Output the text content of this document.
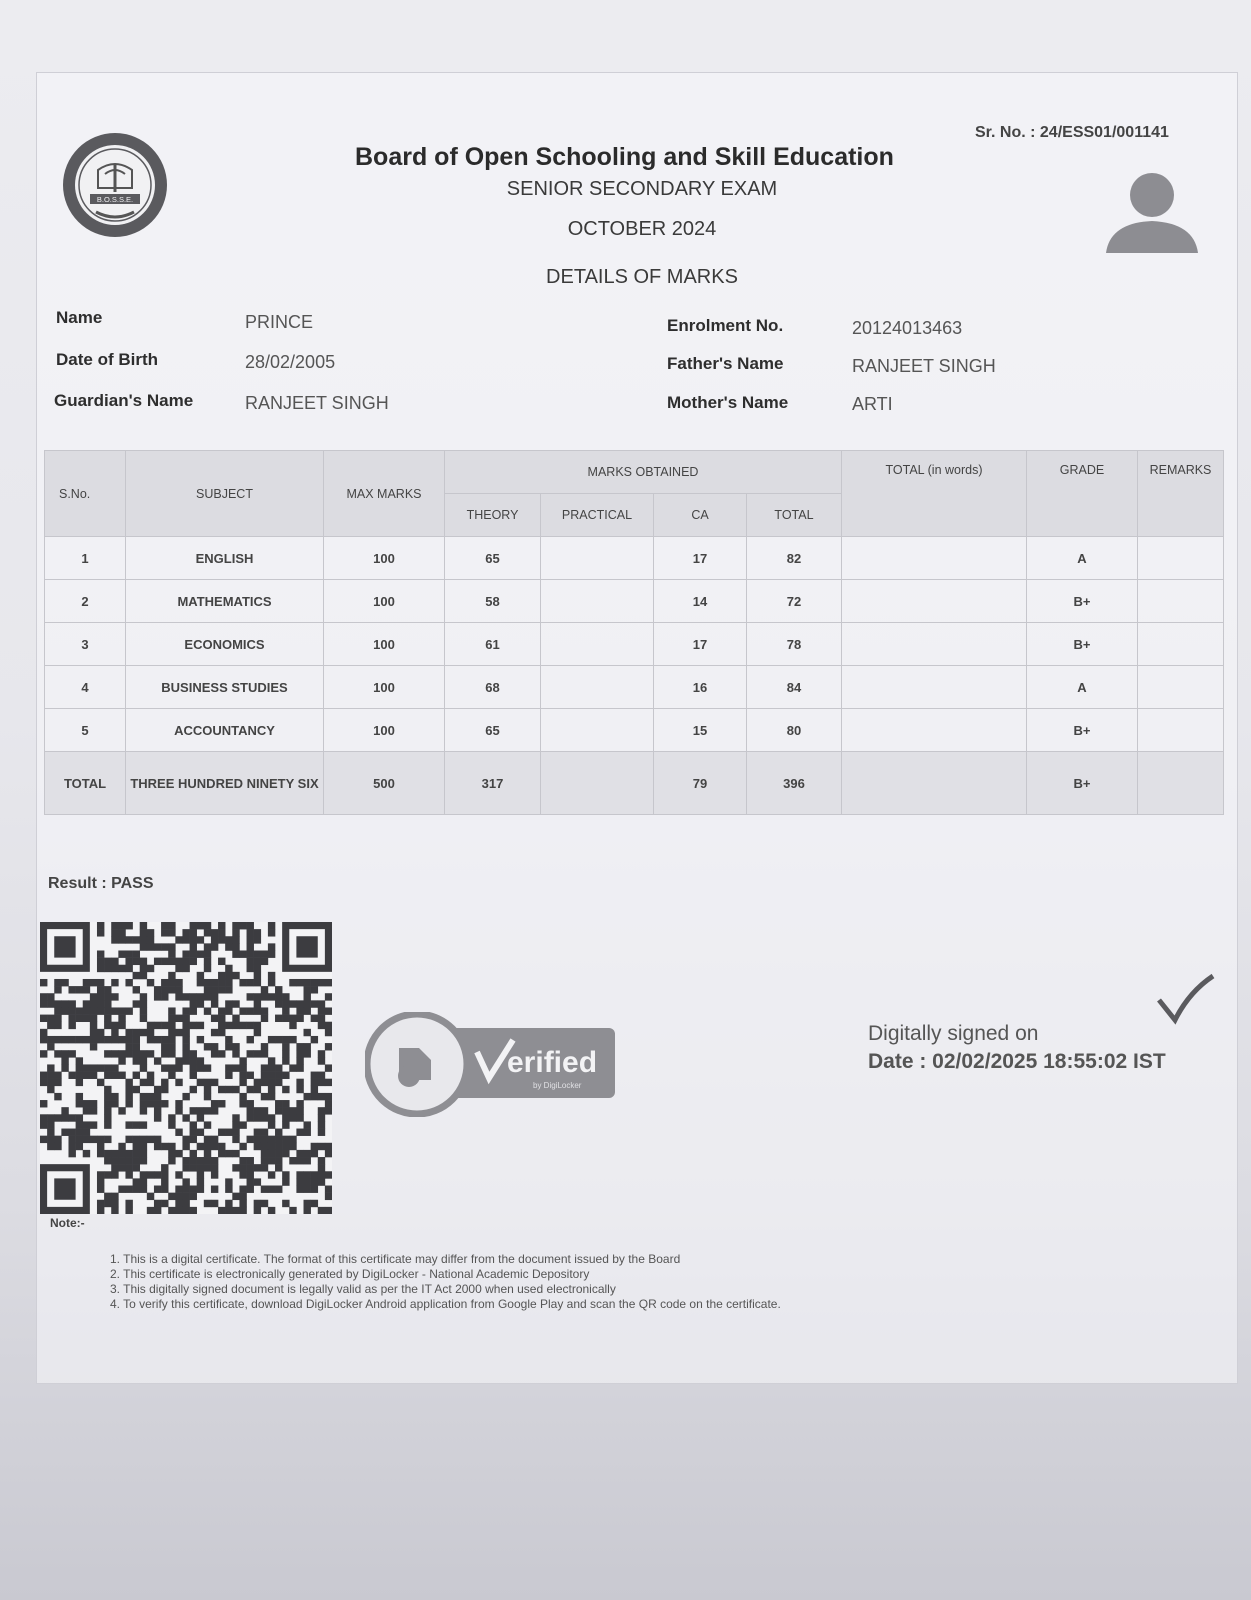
B.O.S.S.E.
Board of Open Schooling and Skill Education
SENIOR SECONDARY EXAM
OCTOBER 2024
DETAILS OF MARKS
Sr. No. : 24/ESS01/001141
Name	PRINCE
Date of Birth	28/02/2005
Guardian's Name	RANJEET SINGH
Enrolment No.	20124013463
Father's Name	RANJEET SINGH
Mother's Name	ARTI
S.No.	SUBJECT	MAX MARKS	MARKS OBTAINED				TOTAL (in words)	GRADE	REMARKS
			THEORY	PRACTICAL	CA	TOTAL			
1	ENGLISH	100	65		17	82		A	
2	MATHEMATICS	100	58		14	72		B+	
3	ECONOMICS	100	61		17	78		B+	
4	BUSINESS STUDIES	100	68		16	84		A	
5	ACCOUNTANCY	100	65		15	80		B+	
TOTAL	THREE HUNDRED NINETY SIX	500	317		79	396		B+	
Result : PASS
erified
by DigiLocker
Digitally signed on
Date : 02/02/2025 18:55:02 IST
Note:-
1. This is a digital certificate. The format of this certificate may differ from the document issued by the Board
2. This certificate is electronically generated by DigiLocker - National Academic Depository
3. This digitally signed document is legally valid as per the IT Act 2000 when used electronically
4. To verify this certificate, download DigiLocker Android application from Google Play and scan the QR code on the certificate.
